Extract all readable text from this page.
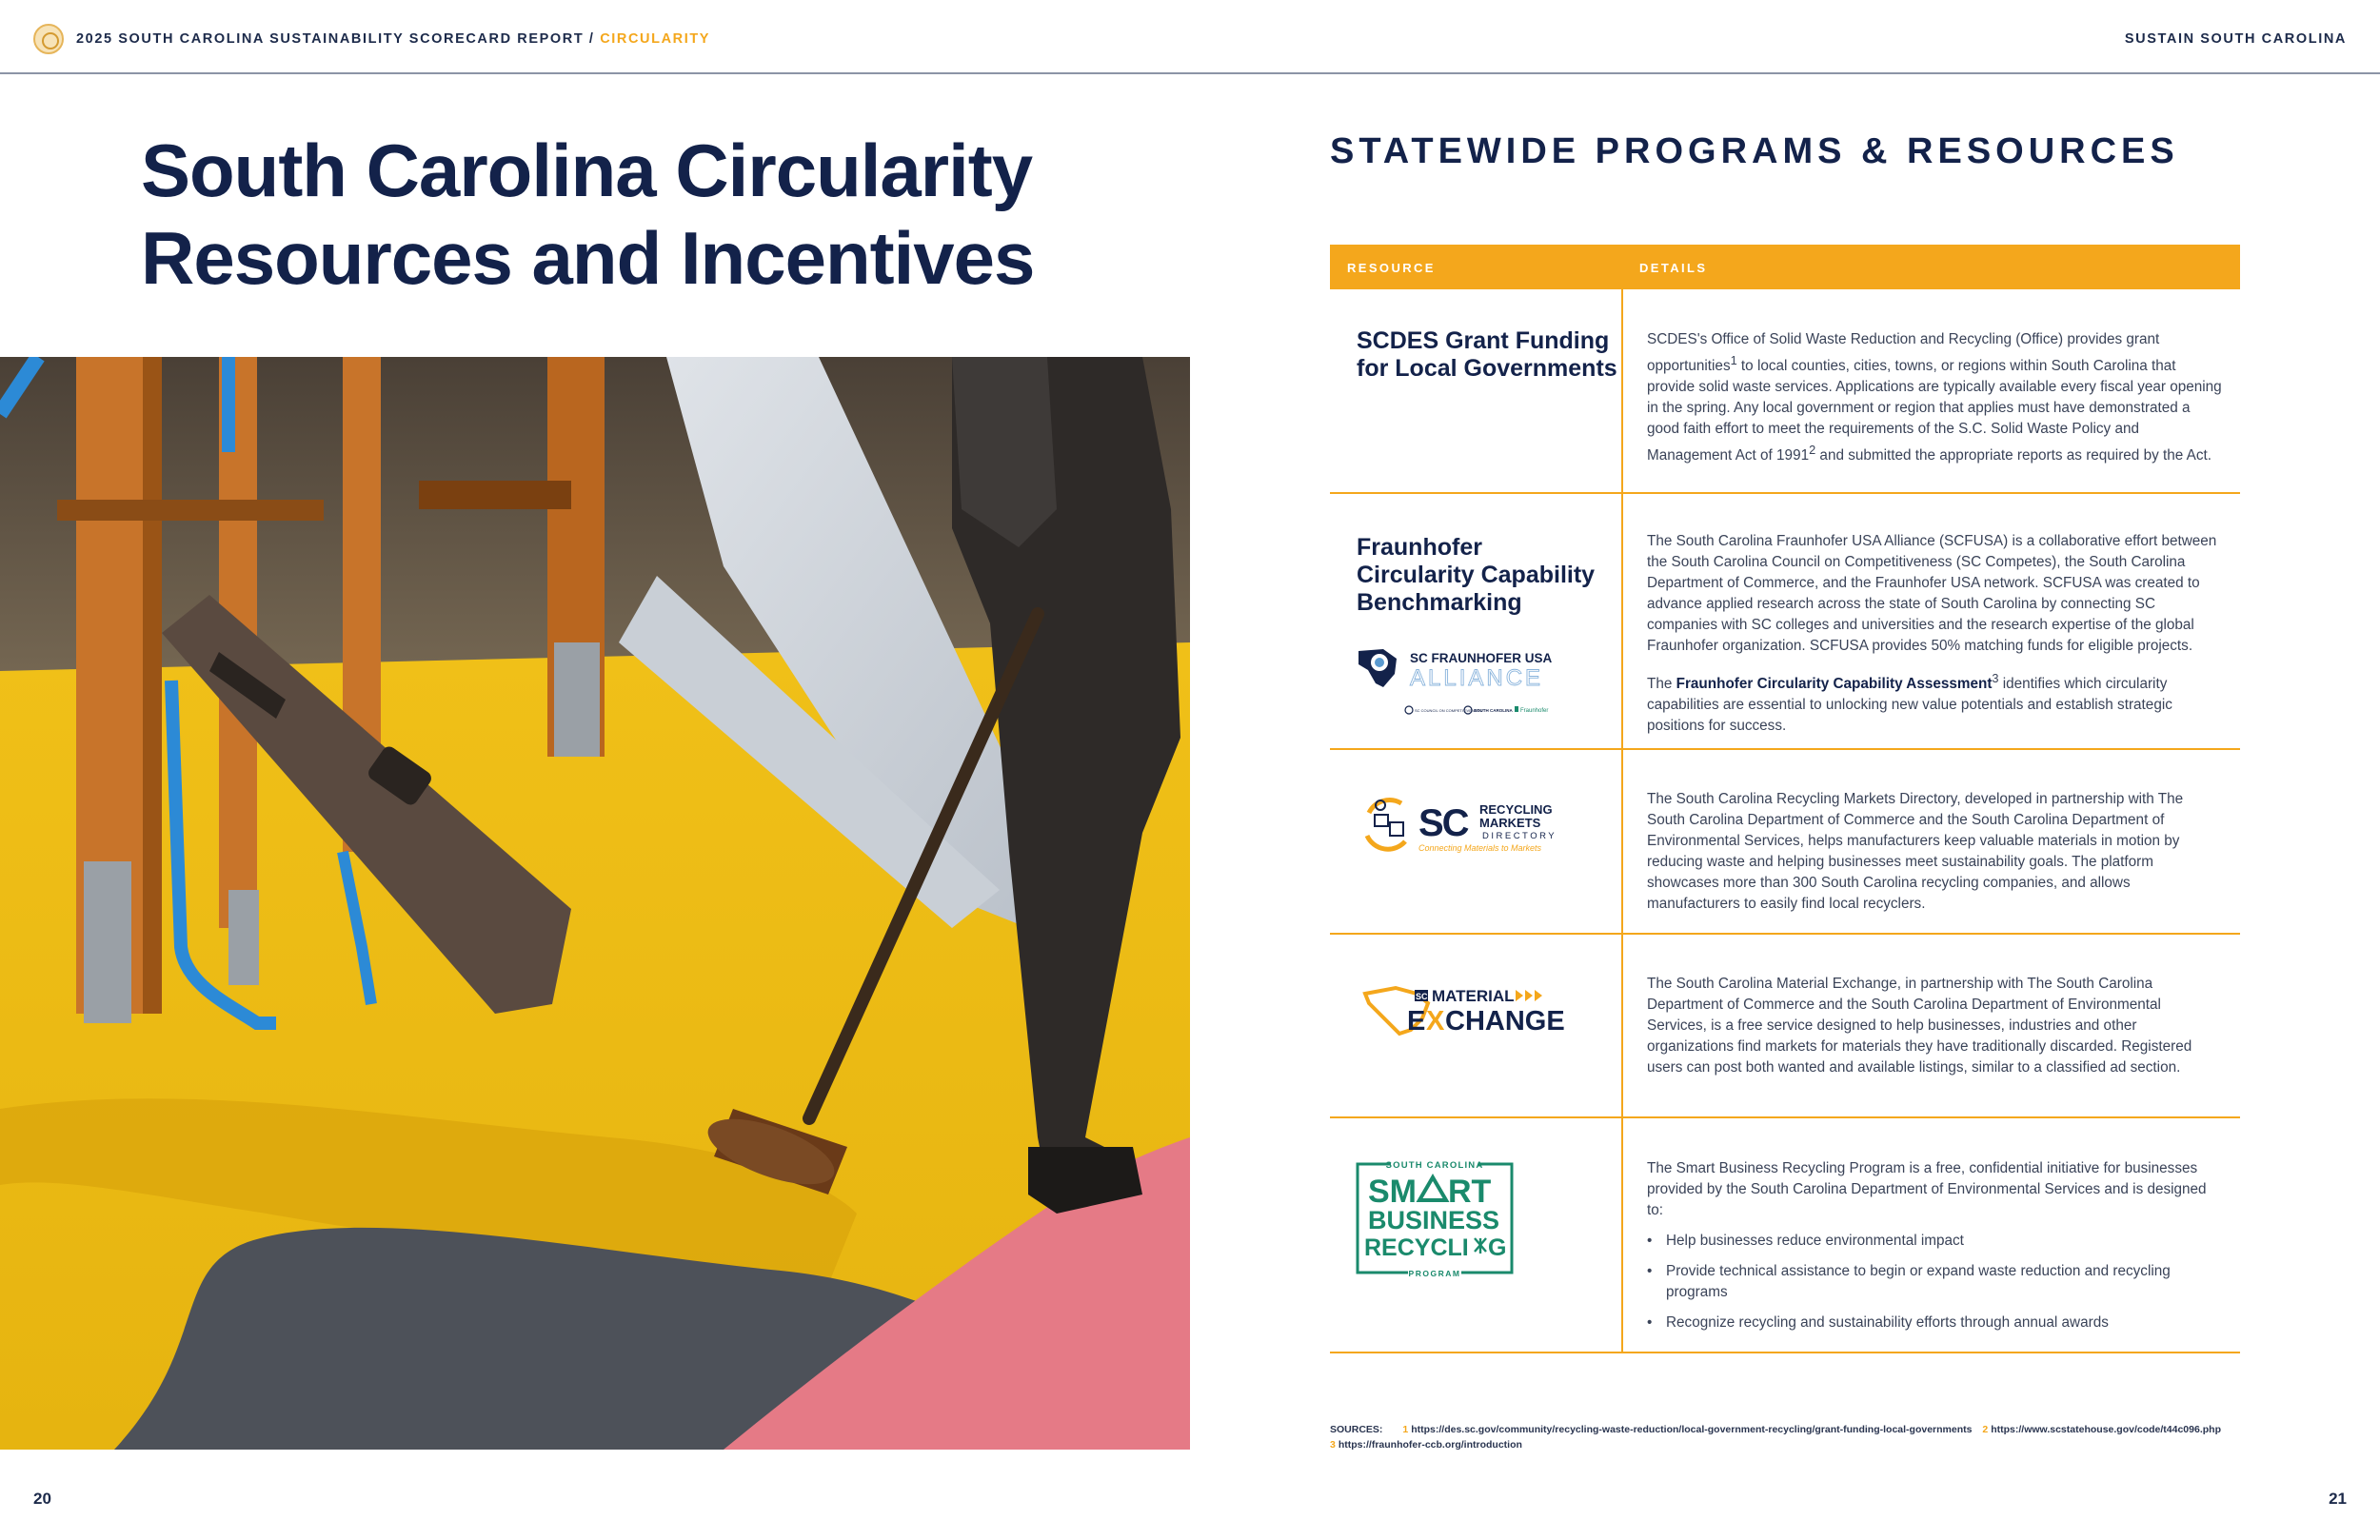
2025 SOUTH CAROLINA SUSTAINABILITY SCORECARD REPORT / CIRCULARITY	SUSTAIN SOUTH CAROLINA
South Carolina Circularity
Resources and Incentives
20
STATEWIDE PROGRAMS & RESOURCES
RESOURCE	DETAILS
SCDES Grant Funding
for Local Governments

SCDES's Office of Solid Waste Reduction and Recycling (Office) provides grant opportunities$^1$ to local counties, cities, towns, or regions within South Carolina that provide solid waste services. Applications are typically available every fiscal year opening in the spring. Any local government or region that applies must have demonstrated a good faith effort to meet the requirements of the S.C. Solid Waste Policy and Management Act of 1991$^2$ and submitted the appropriate reports as required by the Act.

Fraunhofer
Circularity Capability
Benchmarking
SC FRAUNHOFER USA
ALLIANCE
SC COUNCIL ON COMPETITIVENESS
SOUTH CAROLINA Fraunhofer

The South Carolina Fraunhofer USA Alliance (SCFUSA) is a collaborative effort between the South Carolina Council on Competitiveness (SC Competes), the South Carolina Department of Commerce, and the Fraunhofer USA network. SCFUSA was created to advance applied research across the state of South Carolina by connecting SC companies with SC colleges and universities and the research expertise of the global Fraunhofer organization. SCFUSA provides 50% matching funds for eligible projects.

The Fraunhofer Circularity Capability Assessment$^3$ identifies which circularity capabilities are essential to unlocking new value potentials and establish strategic positions for success.

SC RECYCLING
MARKETS
DIRECTORY
Connecting Materials to Markets

The South Carolina Recycling Markets Directory, developed in partnership with The South Carolina Department of Commerce and the South Carolina Department of Environmental Services, helps manufacturers keep valuable materials in motion by reducing waste and helping businesses meet sustainability goals. The platform showcases more than 300 South Carolina recycling companies, and allows manufacturers to easily find local recyclers.

SC MATERIAL
E X CHANGE

The South Carolina Material Exchange, in partnership with The South Carolina Department of Commerce and the South Carolina Department of Environmental Services, is a free service designed to help businesses, industries and other organizations find markets for materials they have traditionally discarded. Registered users can post both wanted and available listings, similar to a classified ad section.

SOUTH CAROLINA
SM RT
BUSINESS
RECYCLI G
PROGRAM

The Smart Business Recycling Program is a free, confidential initiative for businesses provided by the South Carolina Department of Environmental Services and is designed to:

• Help businesses reduce environmental impact
• Provide technical assistance to begin or expand waste reduction and recycling programs
• Recognize recycling and sustainability efforts through annual awards
SOURCES: 1 https://des.sc.gov/community/recycling-waste-reduction/local-government-recycling/grant-funding-local-governments 2 https://www.scstatehouse.gov/code/t44c096.php
3 https://fraunhofer-ccb.org/introduction
21
